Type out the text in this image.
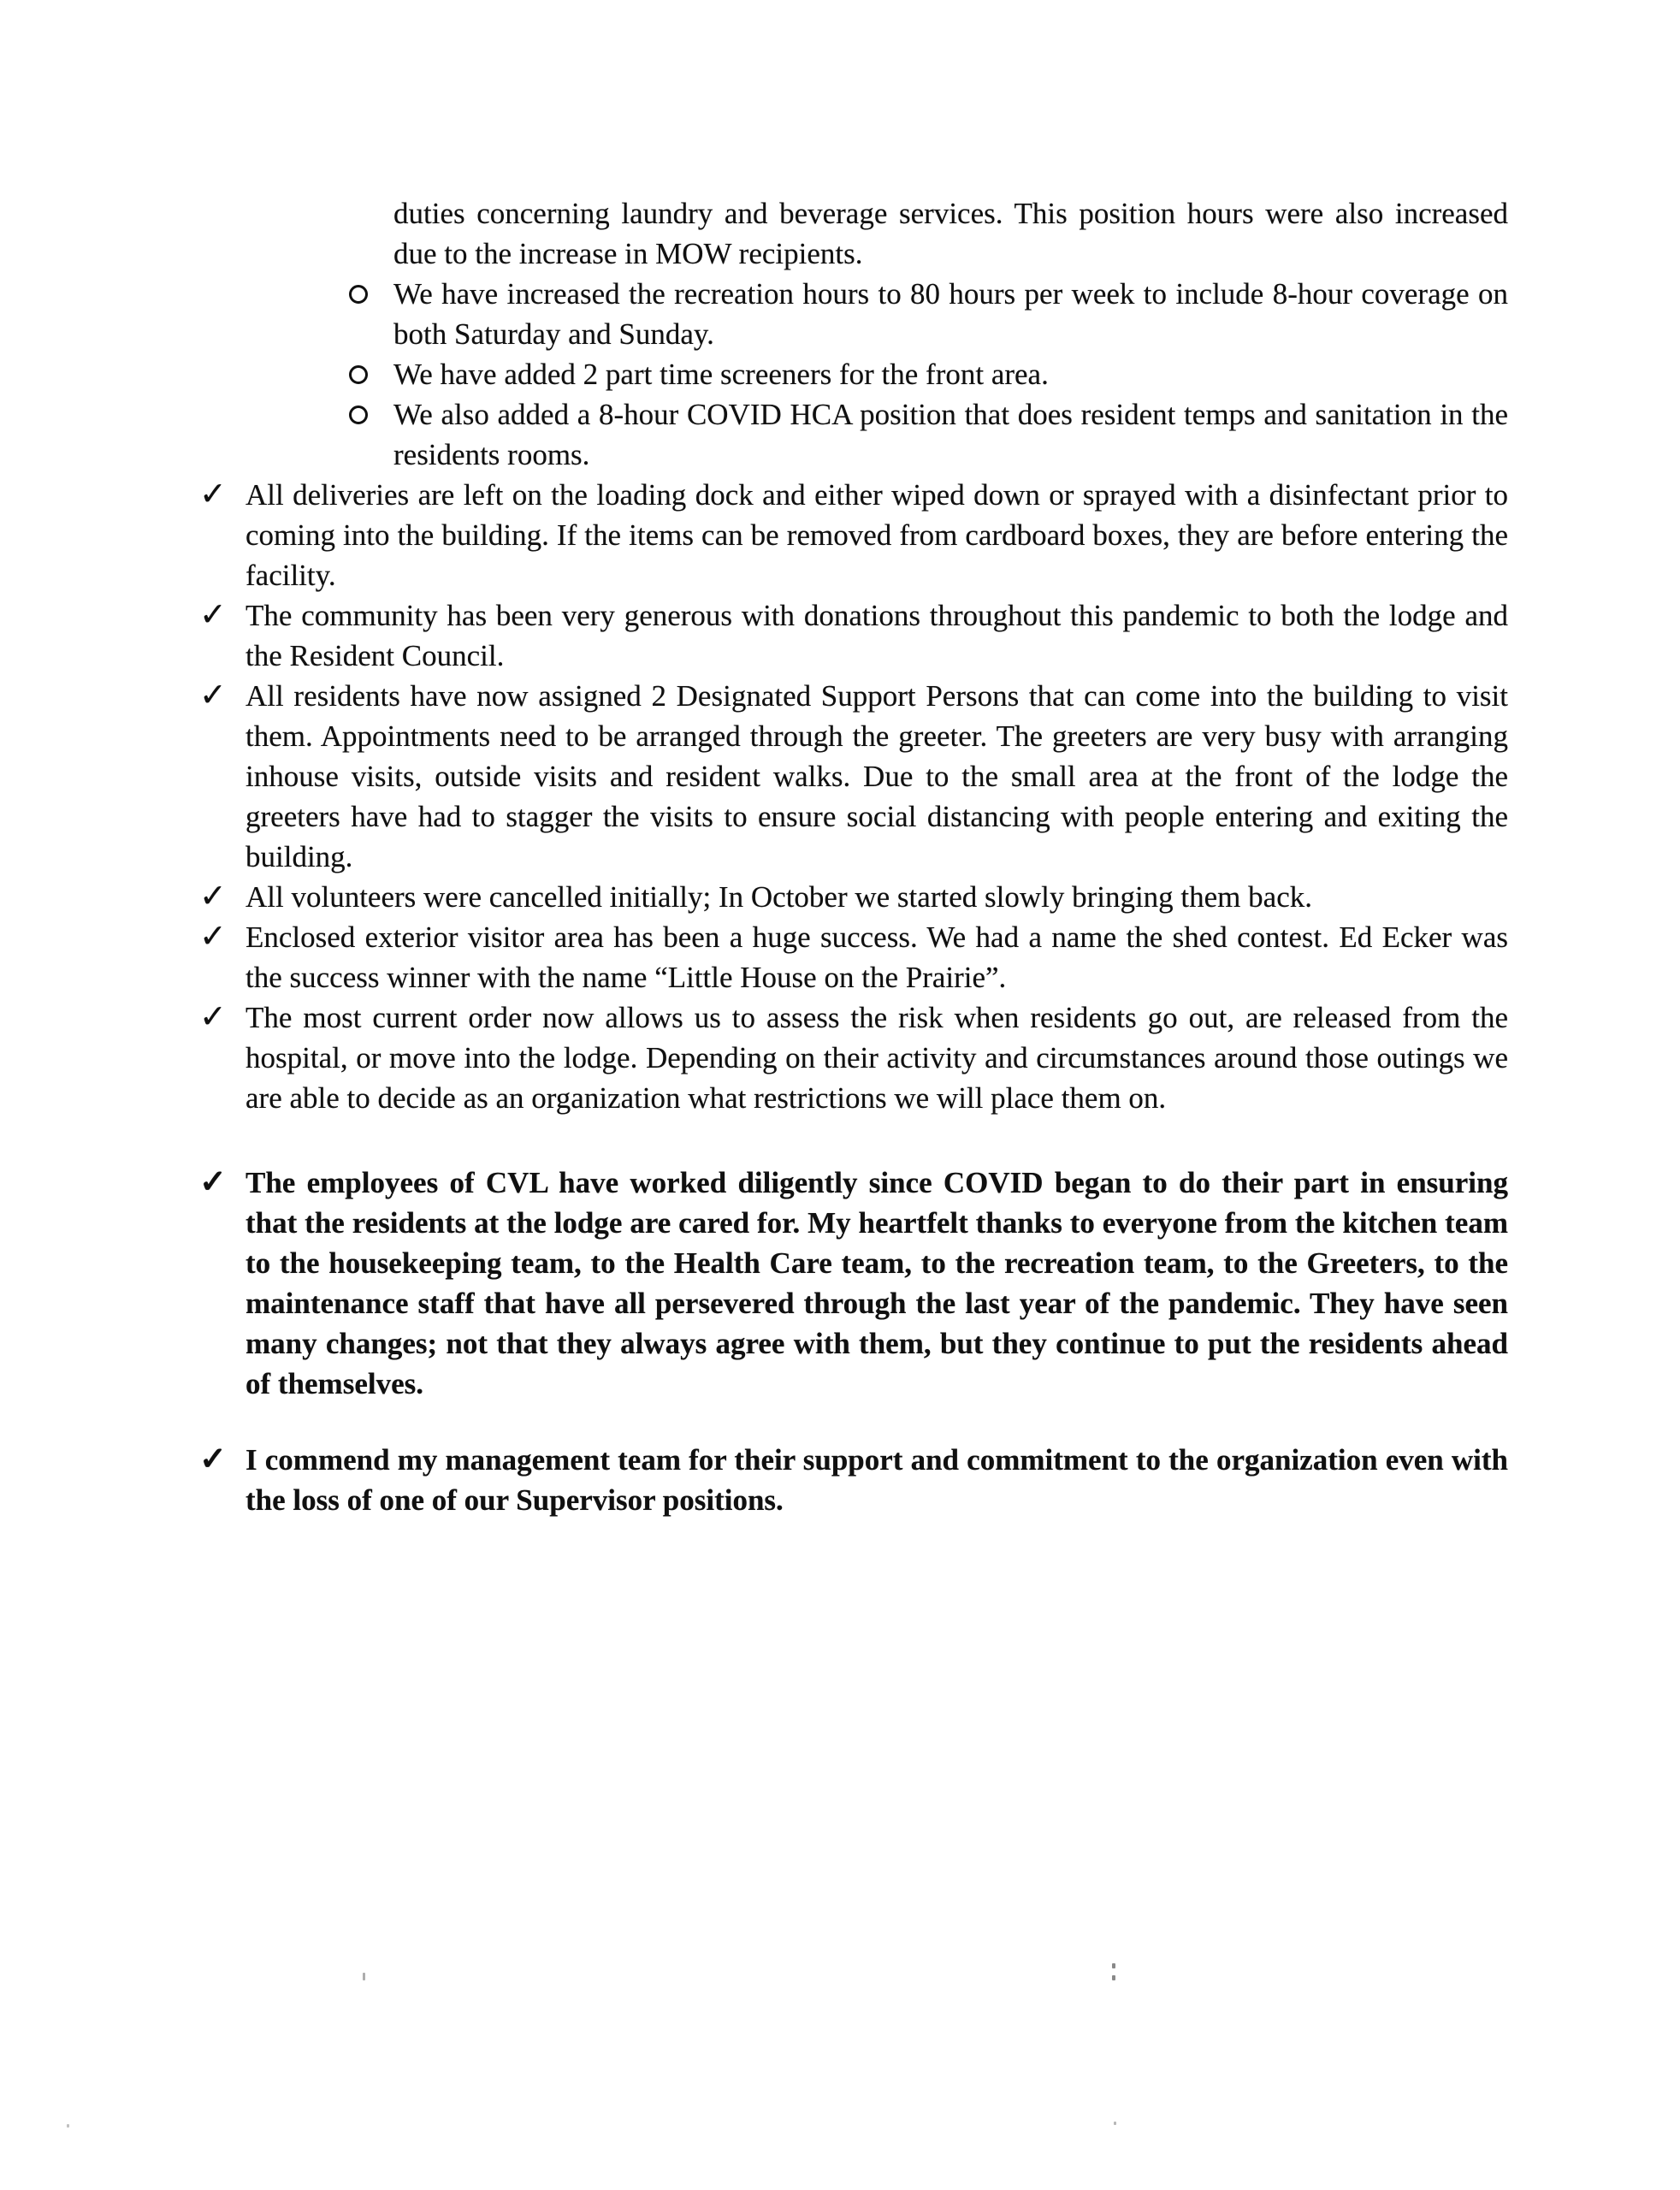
duties concerning laundry and beverage services. This position hours were also increased due to the increase in MOW recipients.

We have increased the recreation hours to 80 hours per week to include 8-hour coverage on both Saturday and Sunday.

We have added 2 part time screeners for the front area.

We also added a 8-hour COVID HCA position that does resident temps and sanitation in the residents rooms.

✓ All deliveries are left on the loading dock and either wiped down or sprayed with a disinfectant prior to coming into the building. If the items can be removed from cardboard boxes, they are before entering the facility.

✓ The community has been very generous with donations throughout this pandemic to both the lodge and the Resident Council.

✓ All residents have now assigned 2 Designated Support Persons that can come into the building to visit them. Appointments need to be arranged through the greeter. The greeters are very busy with arranging inhouse visits, outside visits and resident walks. Due to the small area at the front of the lodge the greeters have had to stagger the visits to ensure social distancing with people entering and exiting the building.

✓ All volunteers were cancelled initially; In October we started slowly bringing them back.

✓ Enclosed exterior visitor area has been a huge success. We had a name the shed contest. Ed Ecker was the success winner with the name “Little House on the Prairie”.

✓ The most current order now allows us to assess the risk when residents go out, are released from the hospital, or move into the lodge. Depending on their activity and circumstances around those outings we are able to decide as an organization what restrictions we will place them on.

✓ The employees of CVL have worked diligently since COVID began to do their part in ensuring that the residents at the lodge are cared for. My heartfelt thanks to everyone from the kitchen team to the housekeeping team, to the Health Care team, to the recreation team, to the Greeters, to the maintenance staff that have all persevered through the last year of the pandemic. They have seen many changes; not that they always agree with them, but they continue to put the residents ahead of themselves.

✓ I commend my management team for their support and commitment to the organization even with the loss of one of our Supervisor positions.
